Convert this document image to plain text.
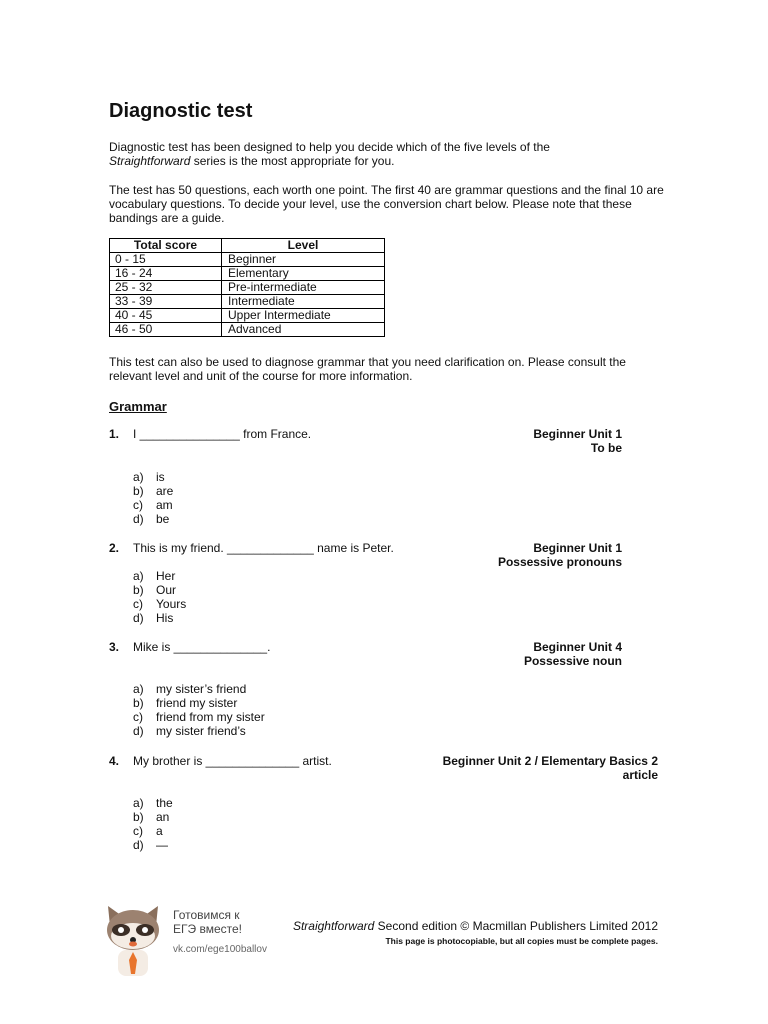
Diagnostic test

Diagnostic test has been designed to help you decide which of the five levels of the
Straightforward series is the most appropriate for you.

The test has 50 questions, each worth one point. The first 40 are grammar questions and the final 10 are vocabulary questions. To decide your level, use the conversion chart below. Please note that these bandings are a guide.

Total score	Level
0 - 15	Beginner
16 - 24	Elementary
25 - 32	Pre-intermediate
33 - 39	Intermediate
40 - 45	Upper Intermediate
46 - 50	Advanced

This test can also be used to diagnose grammar that you need clarification on. Please consult the relevant level and unit of the course for more information.

Grammar
1. I _______________ from France.	Beginner Unit 1
To be
a)	is
b)	are
c)	am
d)	be
2. This is my friend. _____________ name is Peter.	Beginner Unit 1
Possessive pronouns
a)	Her
b)	Our
c)	Yours
d)	His
3. Mike is ______________.	Beginner Unit 4
Possessive noun
a)	my sister’s friend
b)	friend my sister
c)	friend from my sister
d)	my sister friend’s
4. My brother is ______________ artist.	Beginner Unit 2 / Elementary Basics 2
article
a)	the
b)	an
c)	a
d)	—
Готовимся к
ЕГЭ вместе!
vk.com/ege100ballov
Straightforward Second edition © Macmillan Publishers Limited 2012
This page is photocopiable, but all copies must be complete pages.
